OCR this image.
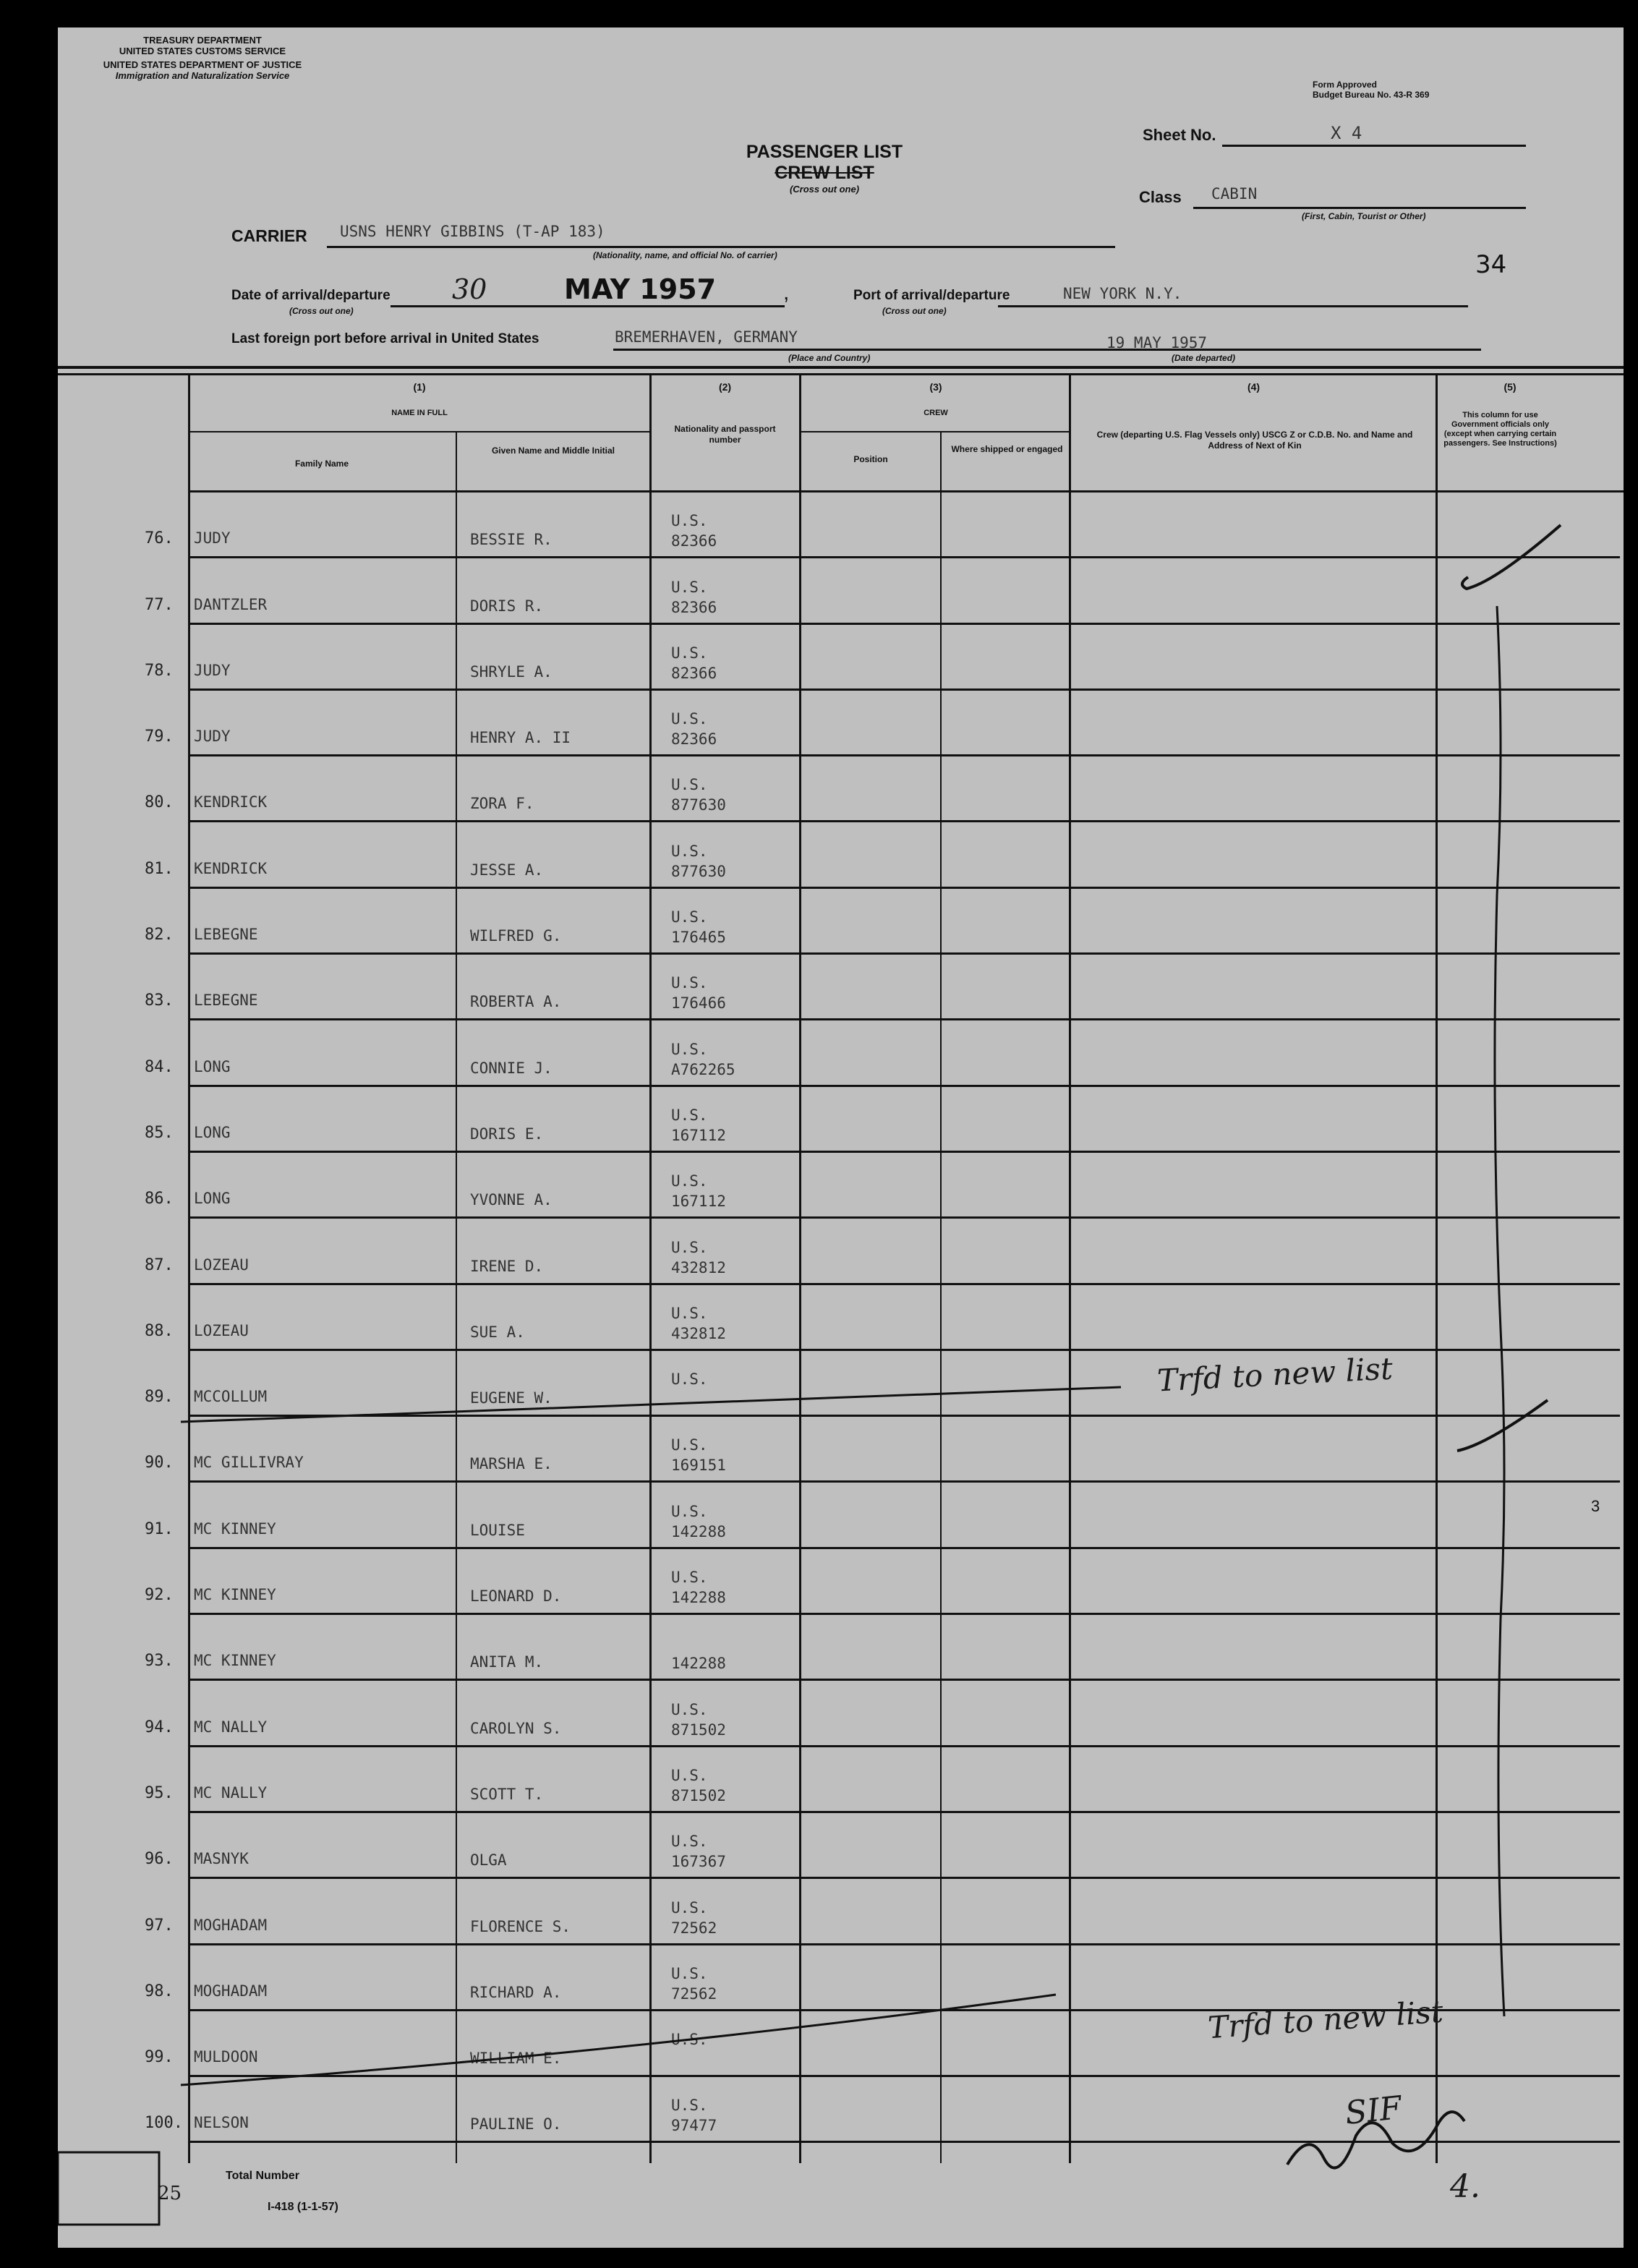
TREASURY DEPARTMENT
UNITED STATES CUSTOMS SERVICE
UNITED STATES DEPARTMENT OF JUSTICE
Immigration and Naturalization Service
Form Approved
Budget Bureau No. 43-R 369
PASSENGER LIST
CREW LIST
(Cross out one)
Sheet No.	X 4
Class CABIN
(First, Cabin, Tourist or Other)
34
CARRIER USNS HENRY GIBBINS (T-AP 183)
(Nationality, name, and official No. of carrier)
Date of arrival/departure
(Cross out one)
30	MAY 1957	,	Port of arrival/departure
(Cross out one)
NEW YORK N.Y.
Last foreign port before arrival in United States	BREMERHAVEN, GERMANY
(Place and Country)
19 MAY 1957
(Date departed)
(1)
NAME IN FULL
Family Name
Given Name and Middle Initial
(2)
Nationality and passport number
(3)
CREW
Position
Where shipped or engaged
(4)
Crew (departing U.S. Flag Vessels only) USCG Z or C.D.B. No. and Name and Address of Next of Kin
(5)
This column for use Government officials only (except when carrying certain passengers. See Instructions)
76. JUDY	BESSIE R.
U.S.
82366
77. DANTZLER	DORIS R.
U.S.
82366
78. JUDY	SHRYLE A.
U.S.
82366
79. JUDY	HENRY A. II
U.S.
82366
80. KENDRICK	ZORA F.
U.S.
877630
81. KENDRICK	JESSE A.
U.S.
877630
82. LEBEGNE	WILFRED G.
U.S.
176465
83. LEBEGNE	ROBERTA A.
U.S.
176466
84. LONG	CONNIE J.
U.S.
A762265
85. LONG	DORIS E.
U.S.
167112
86. LONG	YVONNE A.
U.S.
167112
87. LOZEAU	IRENE D.
U.S.
432812
88. LOZEAU	SUE A.
U.S.
432812
89. MCCOLLUM	EUGENE W.
U.S.
90. MC GILLIVRAY	MARSHA E.
U.S.
169151
91. MC KINNEY	LOUISE
U.S.
142288
92. MC KINNEY	LEONARD D.
U.S.
142288
93. MC KINNEY	ANITA M.	142288
94. MC NALLY	CAROLYN S.
U.S.
871502
95. MC NALLY	SCOTT T.
U.S.
871502
96. MASNYK	OLGA
U.S.
167367
97. MOGHADAM	FLORENCE S.
U.S.
72562
98. MOGHADAM	RICHARD A.
U.S.
72562
99. MULDOON	WILLIAM E.
U.S.
100. NELSON	PAULINE O.
U.S.
97477
Trfd to new list
Trfd to new list
SIF
4.
3
25
Total Number
I-418 (1-1-57)
